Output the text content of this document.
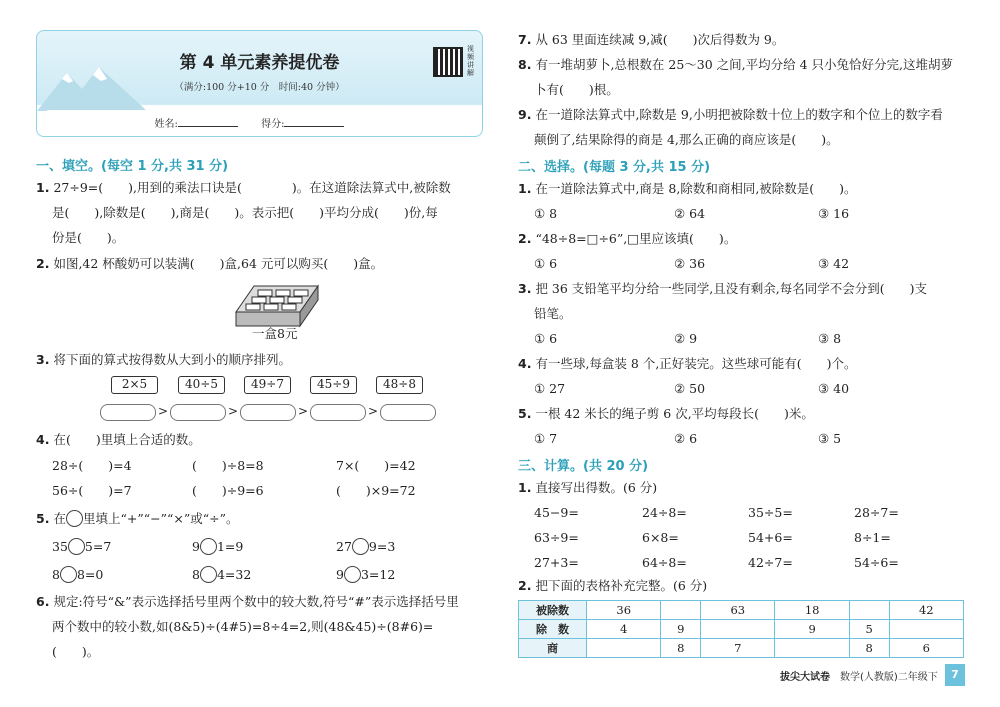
第 4 单元素养提优卷
（满分:100 分+10 分　时间:40 分钟）
视频讲解
姓名:	得分:
一、填空。(每空 1 分,共 31 分)
1. 27÷9=(　　),用到的乘法口诀是(　　　　)。在这道除法算式中,被除数
是(　　),除数是(　　),商是(　　)。表示把(　　)平均分成(　　)份,每
份是(　　)。
2. 如图,42 杯酸奶可以装满(　　)盒,64 元可以购买(　　)盒。
一盒8元
3. 将下面的算式按得数从大到小的顺序排列。
2×5	40÷5	49÷7	45÷9	48÷8
>	>	>	>
4. 在(　　)里填上合适的数。
28÷(　　)=4	(　　)÷8=8	7×(　　)=42
56÷(　　)=7	(　　)÷9=6	(　　)×9=72
5. 在 里填上“+”“−”“×”或“÷”。
35 5=7	9 1=9	27 9=3
8 8=0	8 4=32	9 3=12
6. 规定:符号“&”表示选择括号里两个数中的较大数,符号“#”表示选择括号里
两个数中的较小数,如(8&5)÷(4#5)=8÷4=2,则(48&45)÷(8#6)=
(　　)。
7. 从 63 里面连续减 9,减(　　)次后得数为 9。
8. 有一堆胡萝卜,总根数在 25～30 之间,平均分给 4 只小兔恰好分完,这堆胡萝
卜有(　　)根。
9. 在一道除法算式中,除数是 9,小明把被除数十位上的数字和个位上的数字看
颠倒了,结果除得的商是 4,那么正确的商应该是(　　)。
二、选择。(每题 3 分,共 15 分)
1. 在一道除法算式中,商是 8,除数和商相同,被除数是(　　)。
① 8	② 64	③ 16
2. “48÷8=□÷6”,□里应该填(　　)。
① 6	② 36	③ 42
3. 把 36 支铅笔平均分给一些同学,且没有剩余,每名同学不会分到(　　)支
铅笔。
① 6	② 9	③ 8
4. 有一些球,每盒装 8 个,正好装完。这些球可能有(　　)个。
① 27	② 50	③ 40
5. 一根 42 米长的绳子剪 6 次,平均每段长(　　)米。
① 7	② 6	③ 5
三、计算。(共 20 分)
1. 直接写出得数。(6 分)
45−9=	24÷8=	35÷5=	28÷7=
63÷9=	6×8=	54+6=	8÷1=
27+3=	64÷8=	42÷7=	54÷6=
2. 把下面的表格补充完整。(6 分)
被除数	36		63	18		42
除　数	4	9		9	5	
商		8	7		8	6
拔尖大试卷　 数学(人教版)二年级下	7
